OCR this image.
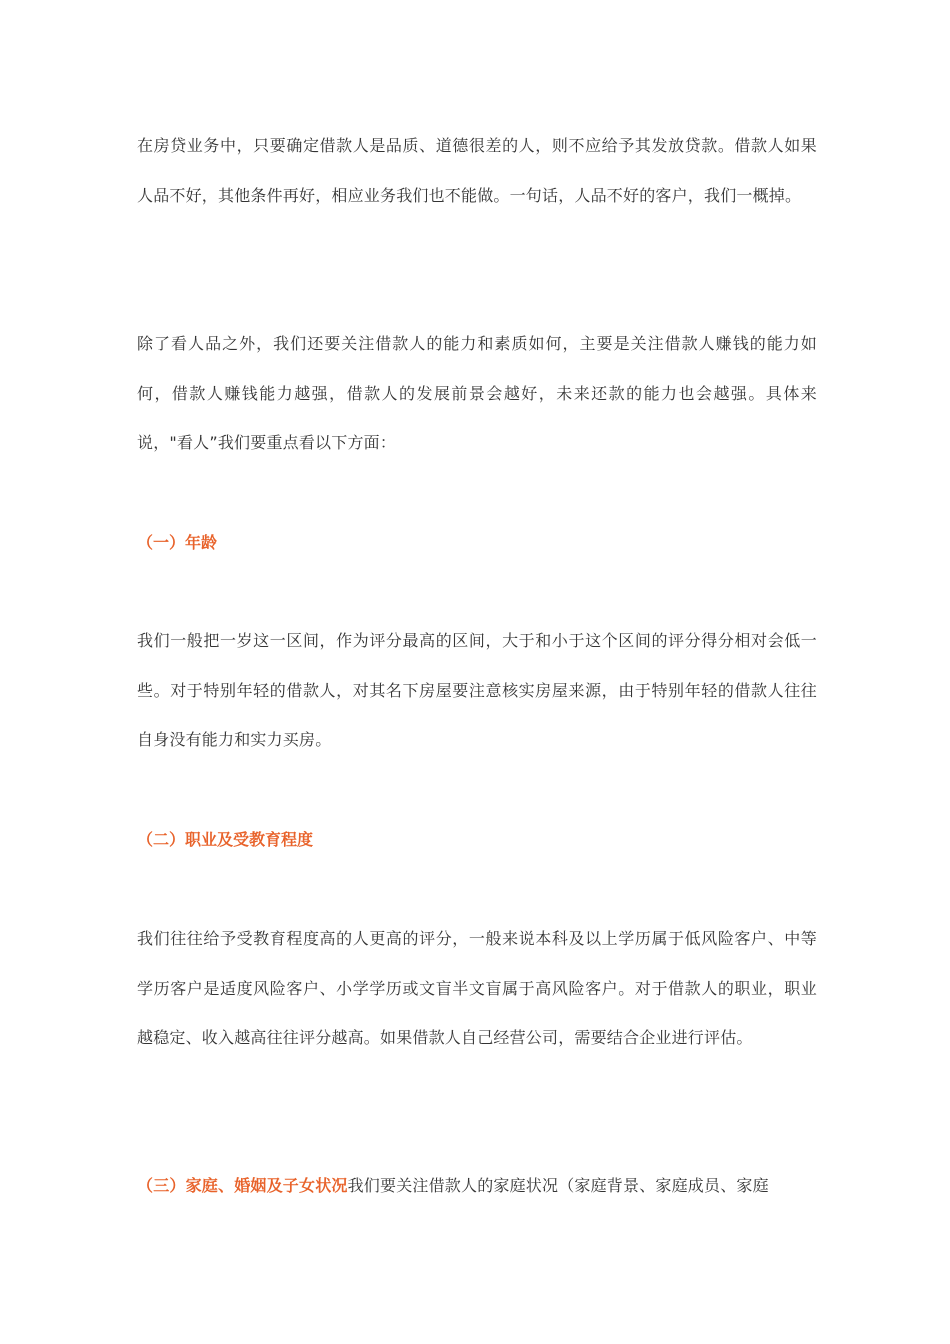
在房贷业务中，只要确定借款人是品质、道德很差的人，则不应给予其发放贷款。借款人如果人品不好，其他条件再好，相应业务我们也不能做。一句话，人品不好的客户，我们一概掉。

除了看人品之外，我们还要关注借款人的能力和素质如何，主要是关注借款人赚钱的能力如何，借款人赚钱能力越强，借款人的发展前景会越好，未来还款的能力也会越强。具体来说，"看人”我们要重点看以下方面：

（一）年龄

我们一般把一岁这一区间，作为评分最高的区间，大于和小于这个区间的评分得分相对会低一些。对于特别年轻的借款人，对其名下房屋要注意核实房屋来源，由于特别年轻的借款人往往自身没有能力和实力买房。

（二）职业及受教育程度

我们往往给予受教育程度高的人更高的评分，一般来说本科及以上学历属于低风险客户、中等学历客户是适度风险客户、小学学历或文盲半文盲属于高风险客户。对于借款人的职业，职业越稳定、收入越高往往评分越高。如果借款人自己经营公司，需要结合企业进行评估。

（三）家庭、婚姻及子女状况我们要关注借款人的家庭状况（家庭背景、家庭成员、家庭
